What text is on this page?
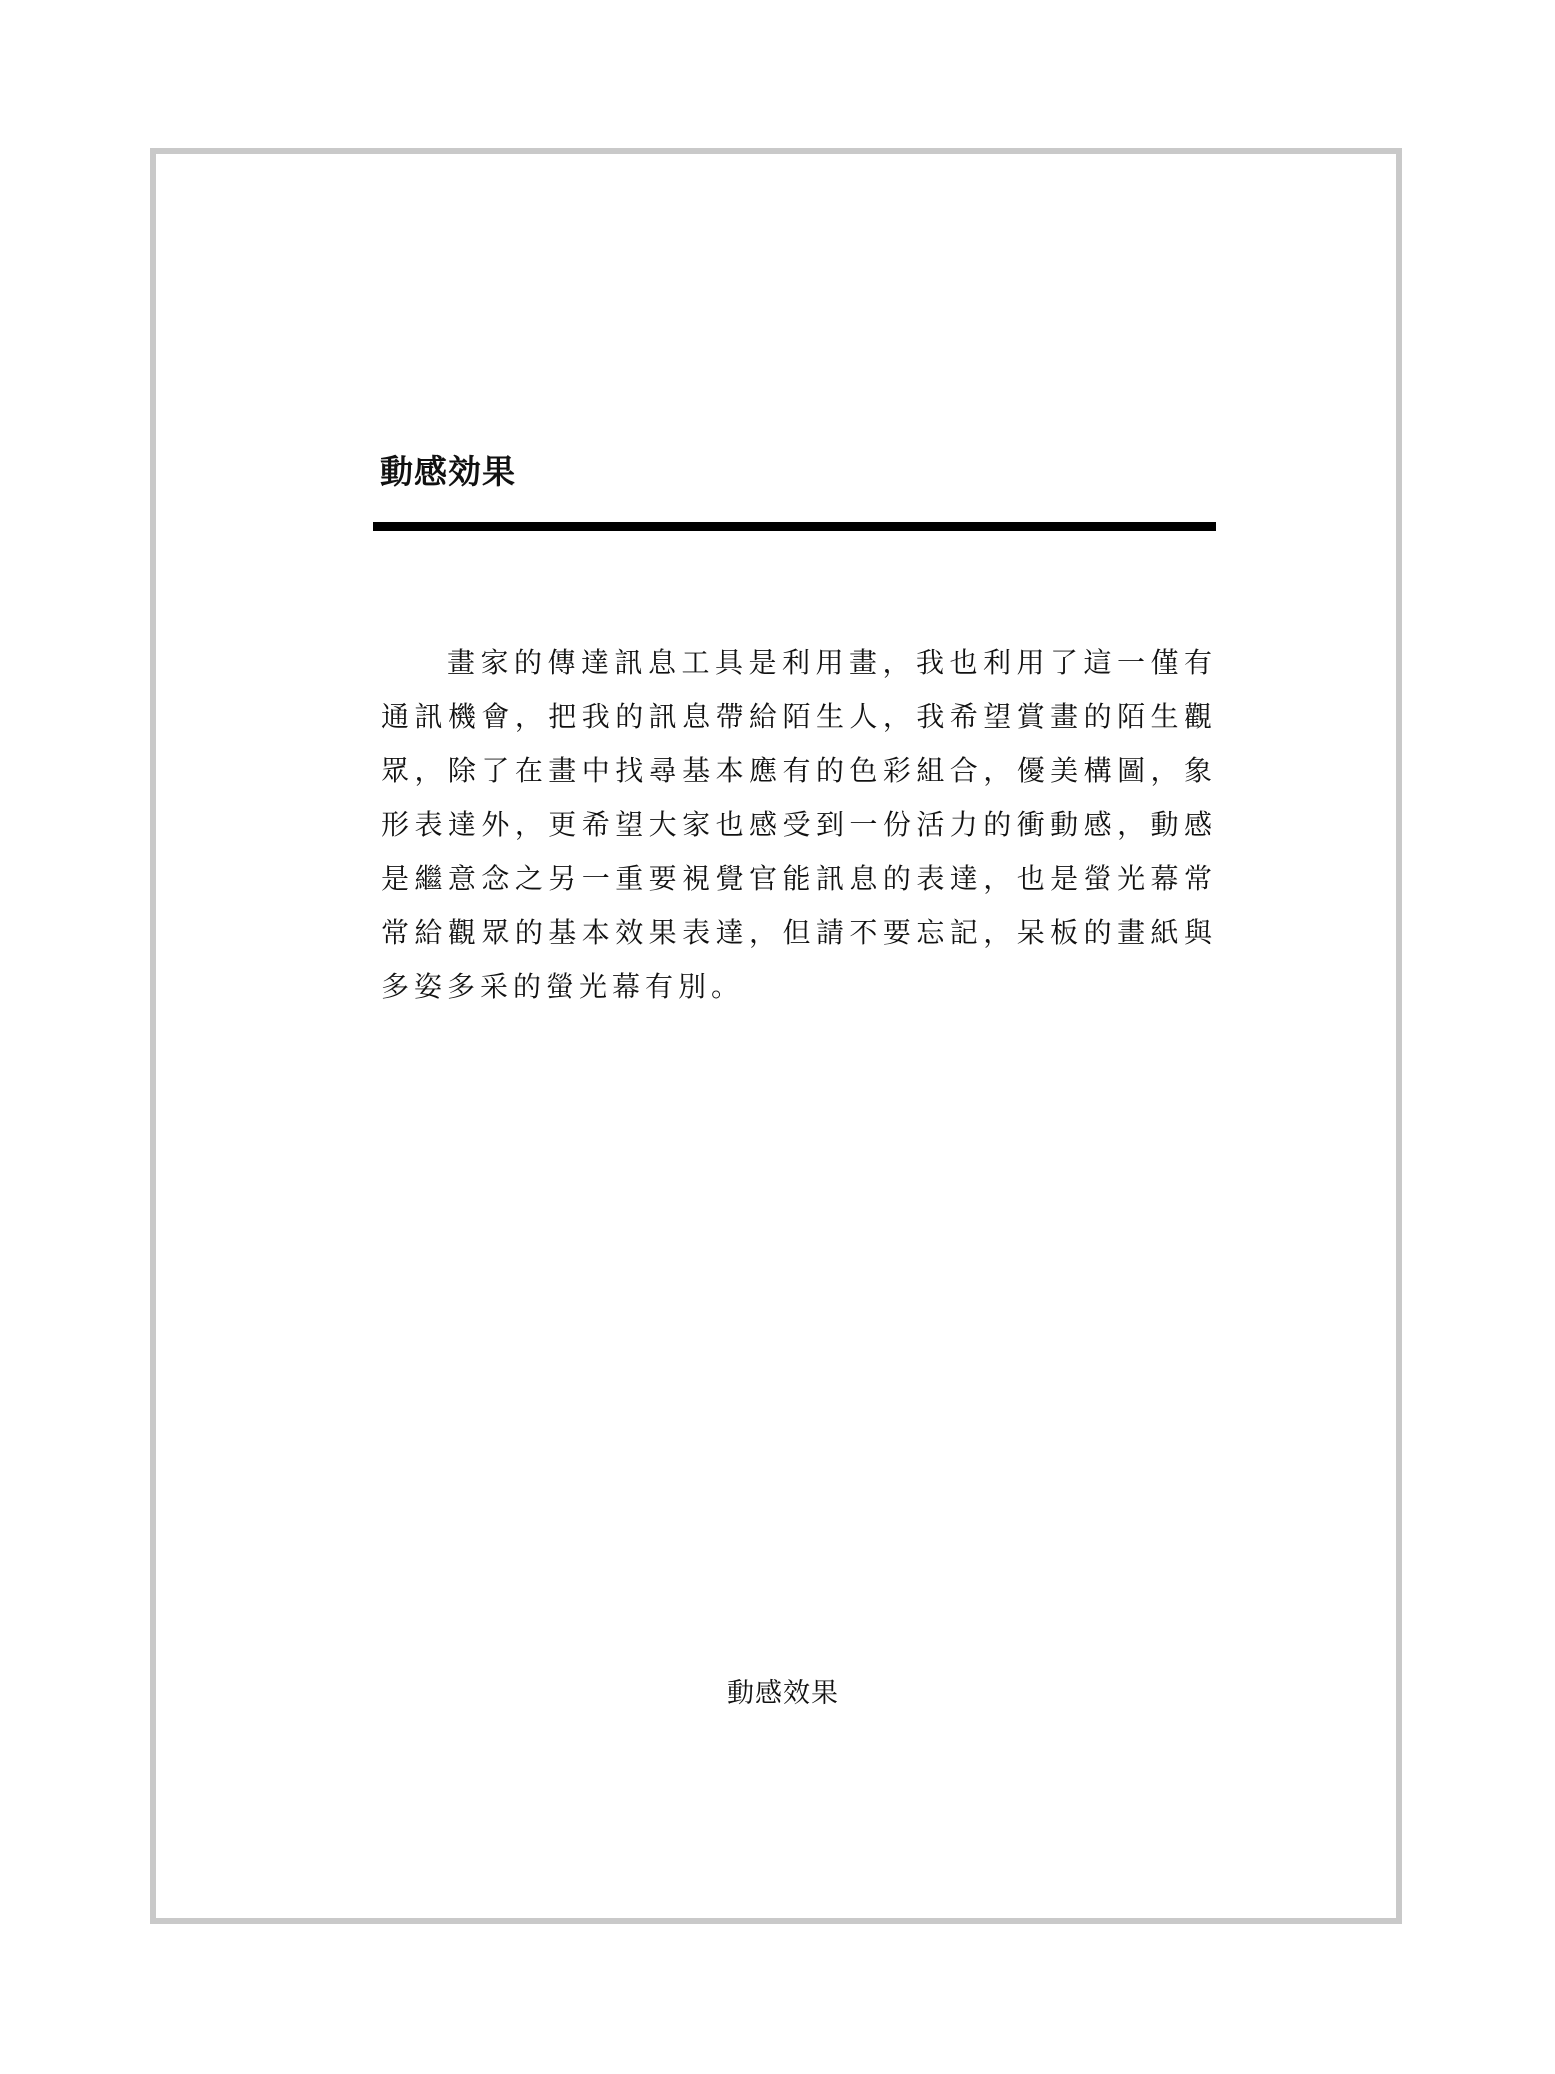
動感効果

畫家的傳達訊息工具是利用畫，我也利用了這一僅有通訊機會，把我的訊息帶給陌生人，我希望賞畫的陌生觀眾，除了在畫中找尋基本應有的色彩組合，優美構圖，象形表達外，更希望大家也感受到一份活力的衝動感，動感是繼意念之另一重要視覺官能訊息的表達，也是螢光幕常常給觀眾的基本效果表達，但請不要忘記，呆板的畫紙與多姿多采的螢光幕有別。

動感效果
